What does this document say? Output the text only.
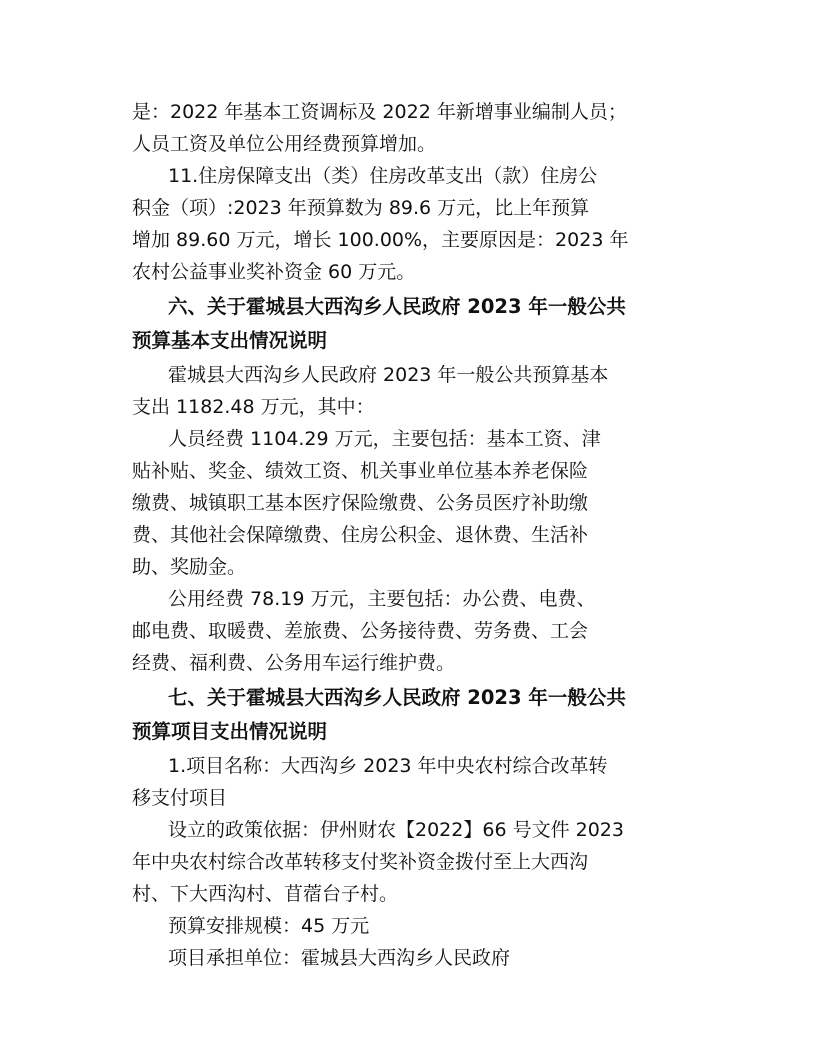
是：2022 年基本工资调标及 2022 年新增事业编制人员；
人员工资及单位公用经费预算增加。
11.住房保障支出（类）住房改革支出（款）住房公
积金（项）:2023 年预算数为 89.6 万元，比上年预算
增加 89.60 万元，增长 100.00%，主要原因是：2023 年
农村公益事业奖补资金 60 万元。
六、关于霍城县大西沟乡人民政府 2023 年一般公共
预算基本支出情况说明
霍城县大西沟乡人民政府 2023 年一般公共预算基本
支出 1182.48 万元，其中：
人员经费 1104.29 万元，主要包括：基本工资、津
贴补贴、奖金、绩效工资、机关事业单位基本养老保险
缴费、城镇职工基本医疗保险缴费、公务员医疗补助缴
费、其他社会保障缴费、住房公积金、退休费、生活补
助、奖励金。
公用经费 78.19 万元，主要包括：办公费、电费、
邮电费、取暖费、差旅费、公务接待费、劳务费、工会
经费、福利费、公务用车运行维护费。
七、关于霍城县大西沟乡人民政府 2023 年一般公共
预算项目支出情况说明
1.项目名称：大西沟乡 2023 年中央农村综合改革转
移支付项目
设立的政策依据：伊州财农【2022】66 号文件 2023
年中央农村综合改革转移支付奖补资金拨付至上大西沟
村、下大西沟村、苜蓿台子村。
预算安排规模：45 万元
项目承担单位：霍城县大西沟乡人民政府
